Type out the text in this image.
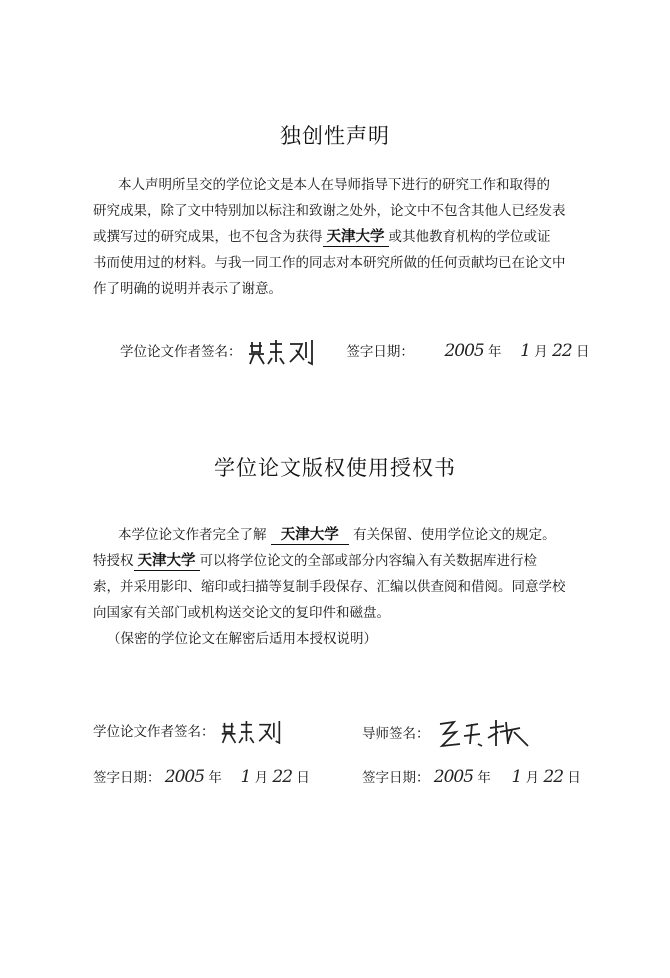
独创性声明
本人声明所呈交的学位论文是本人在导师指导下进行的研究工作和取得的
研究成果，除了文中特别加以标注和致谢之处外，论文中不包含其他人已经发表
或撰写过的研究成果，也不包含为获得 天津大学 或其他教育机构的学位或证
书而使用过的材料。与我一同工作的同志对本研究所做的任何贡献均已在论文中
作了明确的说明并表示了谢意。
学位论文作者签名：	签字日期： 2005 年 1 月 22 日
学位论文版权使用授权书
本学位论文作者完全了解 天津大学 有关保留、使用学位论文的规定。
特授权 天津大学 可以将学位论文的全部或部分内容编入有关数据库进行检
索，并采用影印、缩印或扫描等复制手段保存、汇编以供查阅和借阅。同意学校
向国家有关部门或机构送交论文的复印件和磁盘。
（保密的学位论文在解密后适用本授权说明）
学位论文作者签名：	导师签名：
签字日期： 2005 年 1 月 22 日	签字日期： 2005 年 1 月 22 日
